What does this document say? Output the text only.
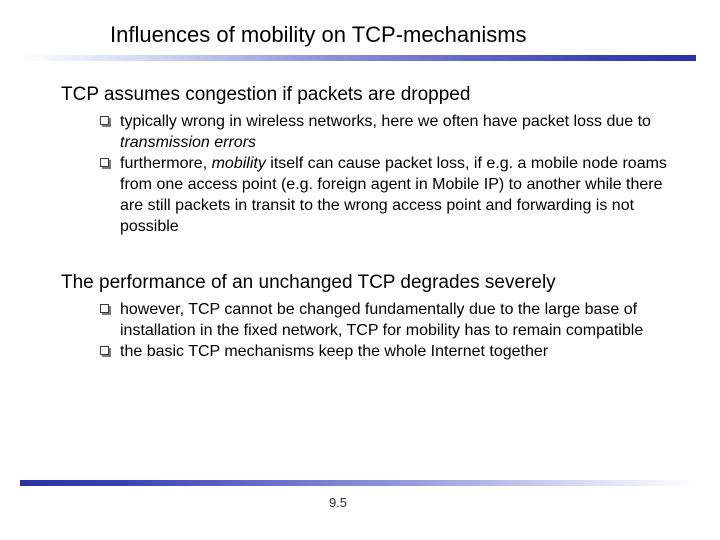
Influences of mobility on TCP-mechanisms

TCP assumes congestion if packets are dropped

typically wrong in wireless networks, here we often have packet loss due to transmission errors
furthermore, mobility itself can cause packet loss, if e.g. a mobile node roams from one access point (e.g. foreign agent in Mobile IP) to another while there are still packets in transit to the wrong access point and forwarding is not possible

The performance of an unchanged TCP degrades severely

however, TCP cannot be changed fundamentally due to the large base of installation in the fixed network, TCP for mobility has to remain compatible
the basic TCP mechanisms keep the whole Internet together
9.5
